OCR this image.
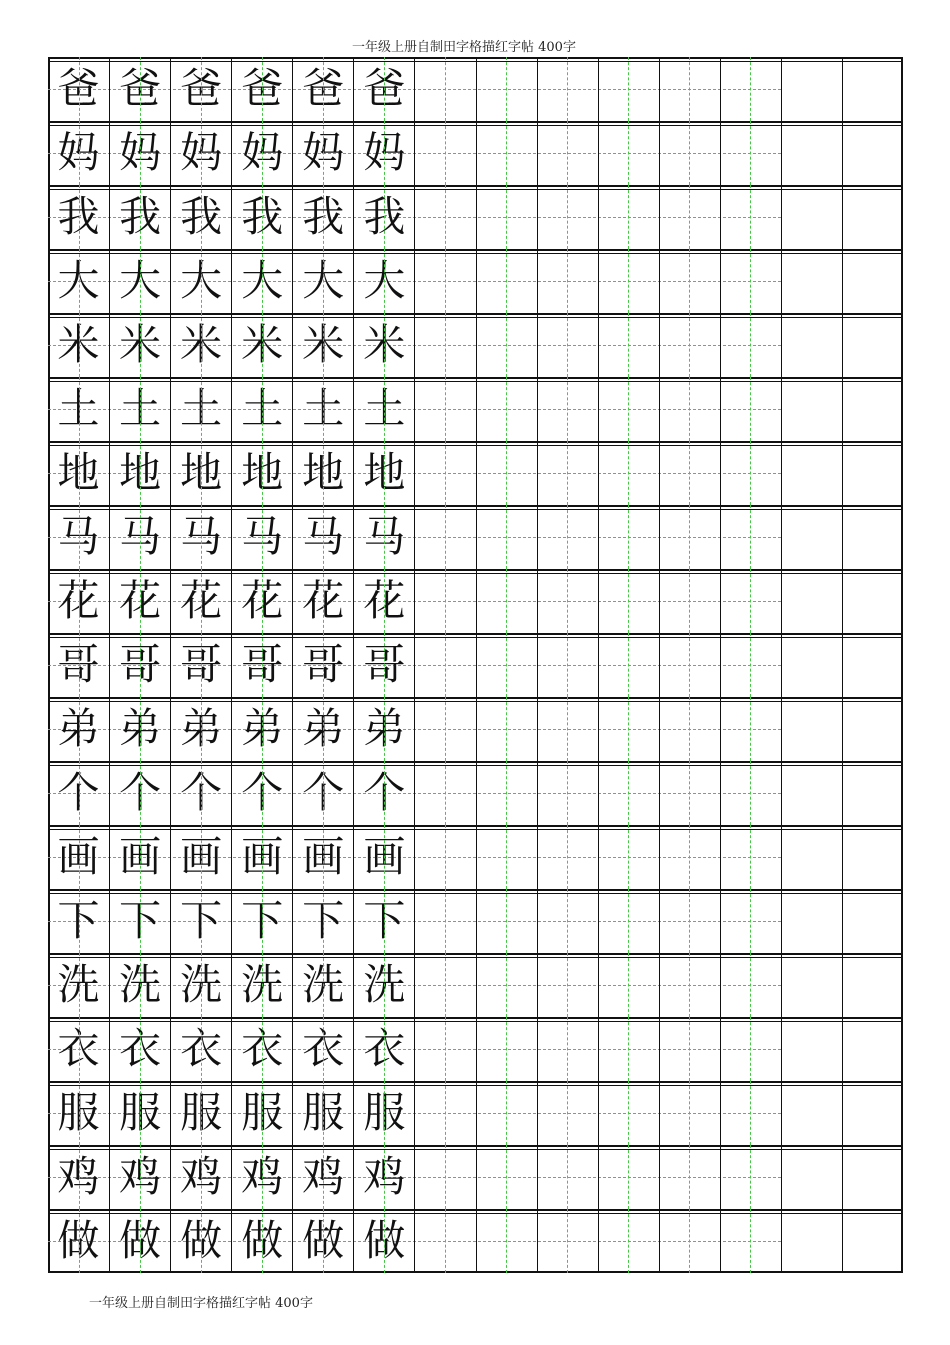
一年级上册自制田字格描红字帖 400字
爸 爸 爸 爸 爸 爸
妈 妈 妈 妈 妈 妈
我 我 我 我 我 我
大 大 大 大 大 大
米 米 米 米 米 米
土 土 土 土 土 土
地 地 地 地 地 地
马 马 马 马 马 马
花 花 花 花 花 花
哥 哥 哥 哥 哥 哥
弟 弟 弟 弟 弟 弟
个 个 个 个 个 个
画 画 画 画 画 画
下 下 下 下 下 下
洗 洗 洗 洗 洗 洗
衣 衣 衣 衣 衣 衣
服 服 服 服 服 服
鸡 鸡 鸡 鸡 鸡 鸡
做 做 做 做 做 做
一年级上册自制田字格描红字帖 400字
